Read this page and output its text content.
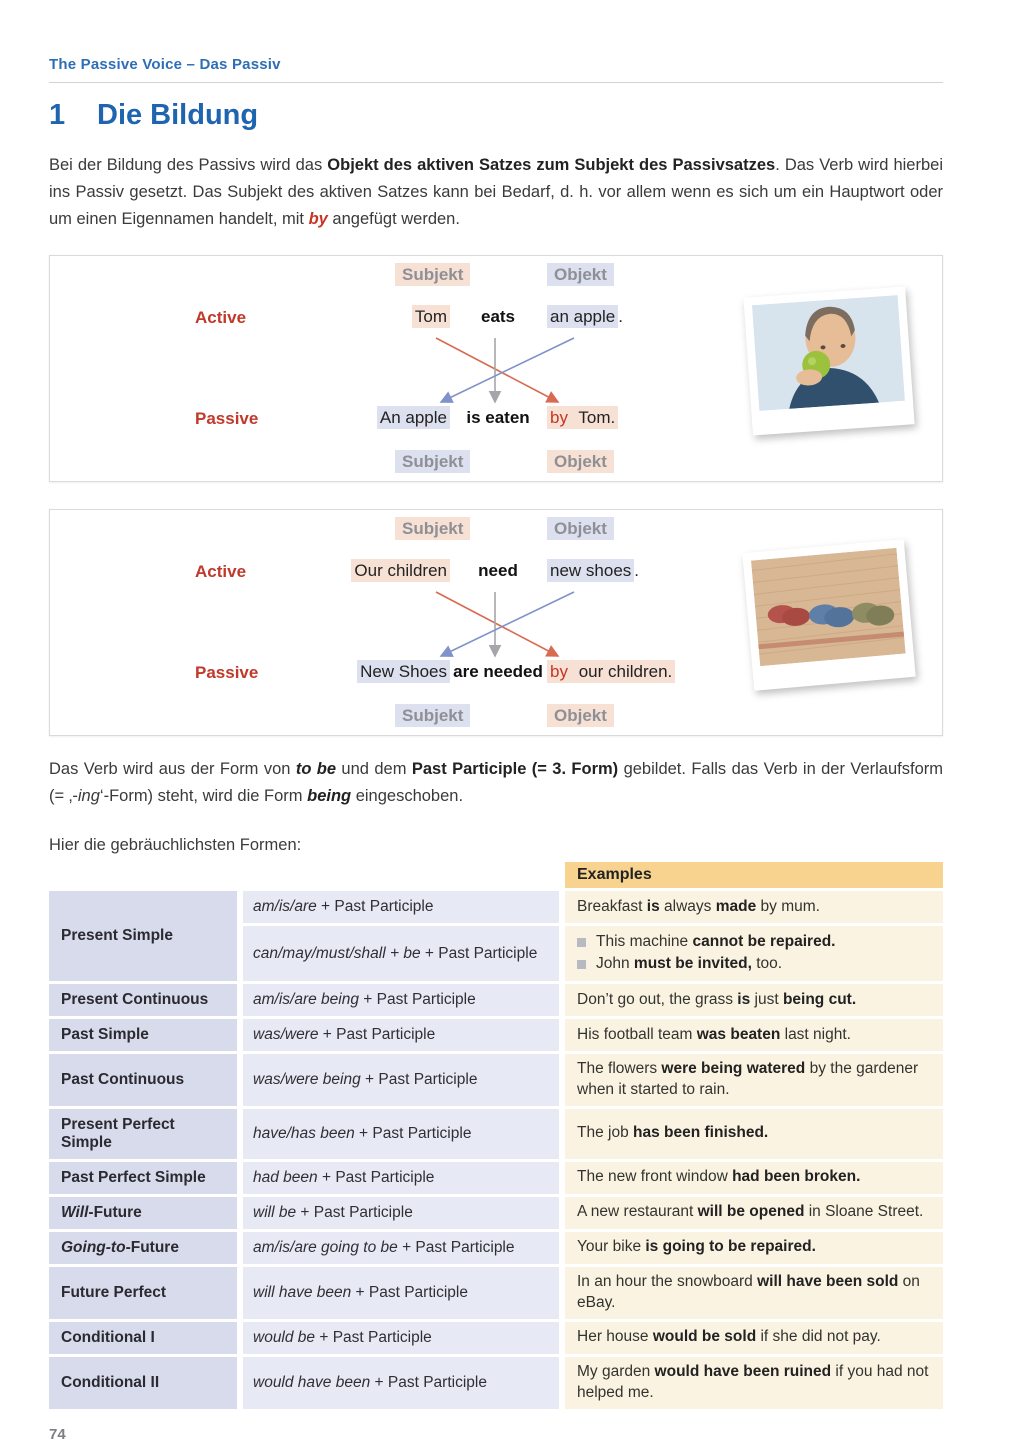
The Passive Voice – Das Passiv
1	Die Bildung

Bei der Bildung des Passivs wird das Objekt des aktiven Satzes zum Subjekt des Passivsatzes. Das Verb wird hierbei ins Passiv gesetzt. Das Subjekt des aktiven Satzes kann bei Bedarf, d. h. vor allem wenn es sich um ein Hauptwort oder um einen Eigennamen handelt, mit by angefügt werden.

Subjekt	Objekt
Active	Tom eats an apple .
Passive	An apple is eaten by Tom.
Subjekt	Objekt
Subjekt	Objekt
Active	Our children need new shoes .
Passive	New Shoes are needed by our children.
Subjekt	Objekt

Das Verb wird aus der Form von to be und dem Past Participle (= 3. Form) gebildet. Falls das Verb in der Verlaufsform (= ‚-ing‘-Form) steht, wird die Form being eingeschoben.

Hier die gebräuchlichsten Formen:

		Examples
Present Simple	am/is/are + Past Participle	Breakfast is always made by mum.
	can/may/must/shall + be + Past Participle	This machine cannot be repaired.
John must be invited, too.

Present Continuous	am/is/are being + Past Participle	Don’t go out, the grass is just being cut.
Past Simple	was/were + Past Participle	His football team was beaten last night.
Past Continuous	was/were being + Past Participle	The flowers were being watered by the gardener when it started to rain.
Present Perfect Simple	have/has been + Past Participle	The job has been finished.
Past Perfect Simple	had been + Past Participle	The new front window had been broken.
Will-Future	will be + Past Participle	A new restaurant will be opened in Sloane Street.
Going-to-Future	am/is/are going to be + Past Participle	Your bike is going to be repaired.
Future Perfect	will have been + Past Participle	In an hour the snowboard will have been sold on eBay.
Conditional I	would be + Past Participle	Her house would be sold if she did not pay.
Conditional II	would have been + Past Participle	My garden would have been ruined if you had not helped me.
74
